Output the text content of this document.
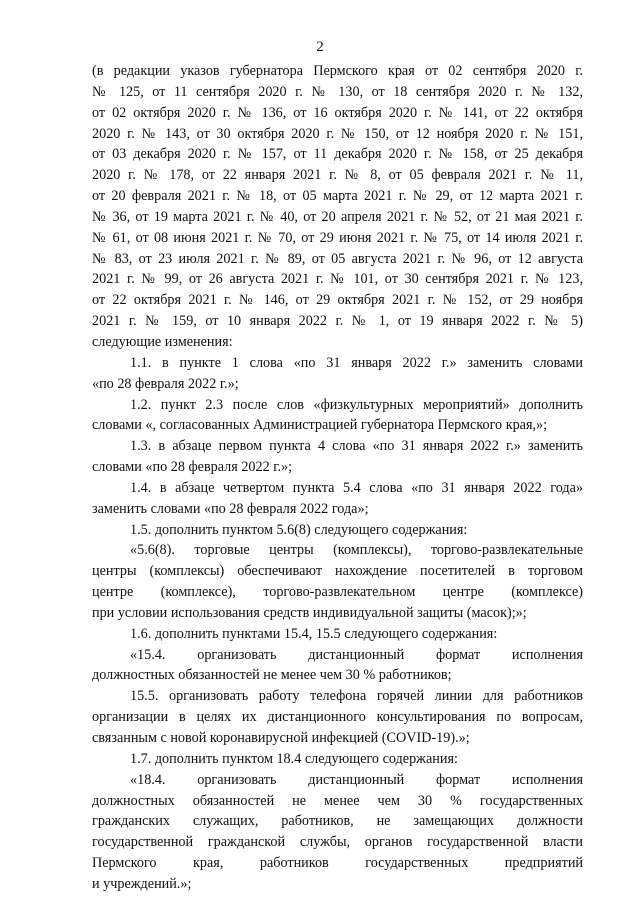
2
(в редакции указов губернатора Пермского края от 02 сентября 2020 г.
№ 125, от 11 сентября 2020 г. № 130, от 18 сентября 2020 г. № 132,
от 02 октября 2020 г. № 136, от 16 октября 2020 г. № 141, от 22 октября
2020 г. № 143, от 30 октября 2020 г. № 150, от 12 ноября 2020 г. № 151,
от 03 декабря 2020 г. № 157, от 11 декабря 2020 г. № 158, от 25 декабря
2020 г. № 178, от 22 января 2021 г. № 8, от 05 февраля 2021 г. № 11,
от 20 февраля 2021 г. № 18, от 05 марта 2021 г. № 29, от 12 марта 2021 г.
№ 36, от 19 марта 2021 г. № 40, от 20 апреля 2021 г. № 52, от 21 мая 2021 г.
№ 61, от 08 июня 2021 г. № 70, от 29 июня 2021 г. № 75, от 14 июля 2021 г.
№ 83, от 23 июля 2021 г. № 89, от 05 августа 2021 г. № 96, от 12 августа
2021 г. № 99, от 26 августа 2021 г. № 101, от 30 сентября 2021 г. № 123,
от 22 октября 2021 г. № 146, от 29 октября 2021 г. № 152, от 29 ноября
2021 г. № 159, от 10 января 2022 г. № 1, от 19 января 2022 г. № 5)
следующие изменения:
1.1. в пункте 1 слова «по 31 января 2022 г.» заменить словами
«по 28 февраля 2022 г.»;
1.2. пункт 2.3 после слов «физкультурных мероприятий» дополнить
словами «, согласованных Администрацией губернатора Пермского края,»;
1.3. в абзаце первом пункта 4 слова «по 31 января 2022 г.» заменить
словами «по 28 февраля 2022 г.»;
1.4. в абзаце четвертом пункта 5.4 слова «по 31 января 2022 года»
заменить словами «по 28 февраля 2022 года»;
1.5. дополнить пунктом 5.6(8) следующего содержания:
«5.6(8). торговые центры (комплексы), торгово-развлекательные
центры (комплексы) обеспечивают нахождение посетителей в торговом
центре (комплексе), торгово-развлекательном центре (комплексе)
при условии использования средств индивидуальной защиты (масок);»;
1.6. дополнить пунктами 15.4, 15.5 следующего содержания:
«15.4. организовать дистанционный формат исполнения
должностных обязанностей не менее чем 30 % работников;
15.5. организовать работу телефона горячей линии для работников
организации в целях их дистанционного консультирования по вопросам,
связанным с новой коронавирусной инфекцией (COVID-19).»;
1.7. дополнить пунктом 18.4 следующего содержания:
«18.4. организовать дистанционный формат исполнения
должностных обязанностей не менее чем 30 % государственных
гражданских служащих, работников, не замещающих должности
государственной гражданской службы, органов государственной власти
Пермского края, работников государственных предприятий
и учреждений.»;
